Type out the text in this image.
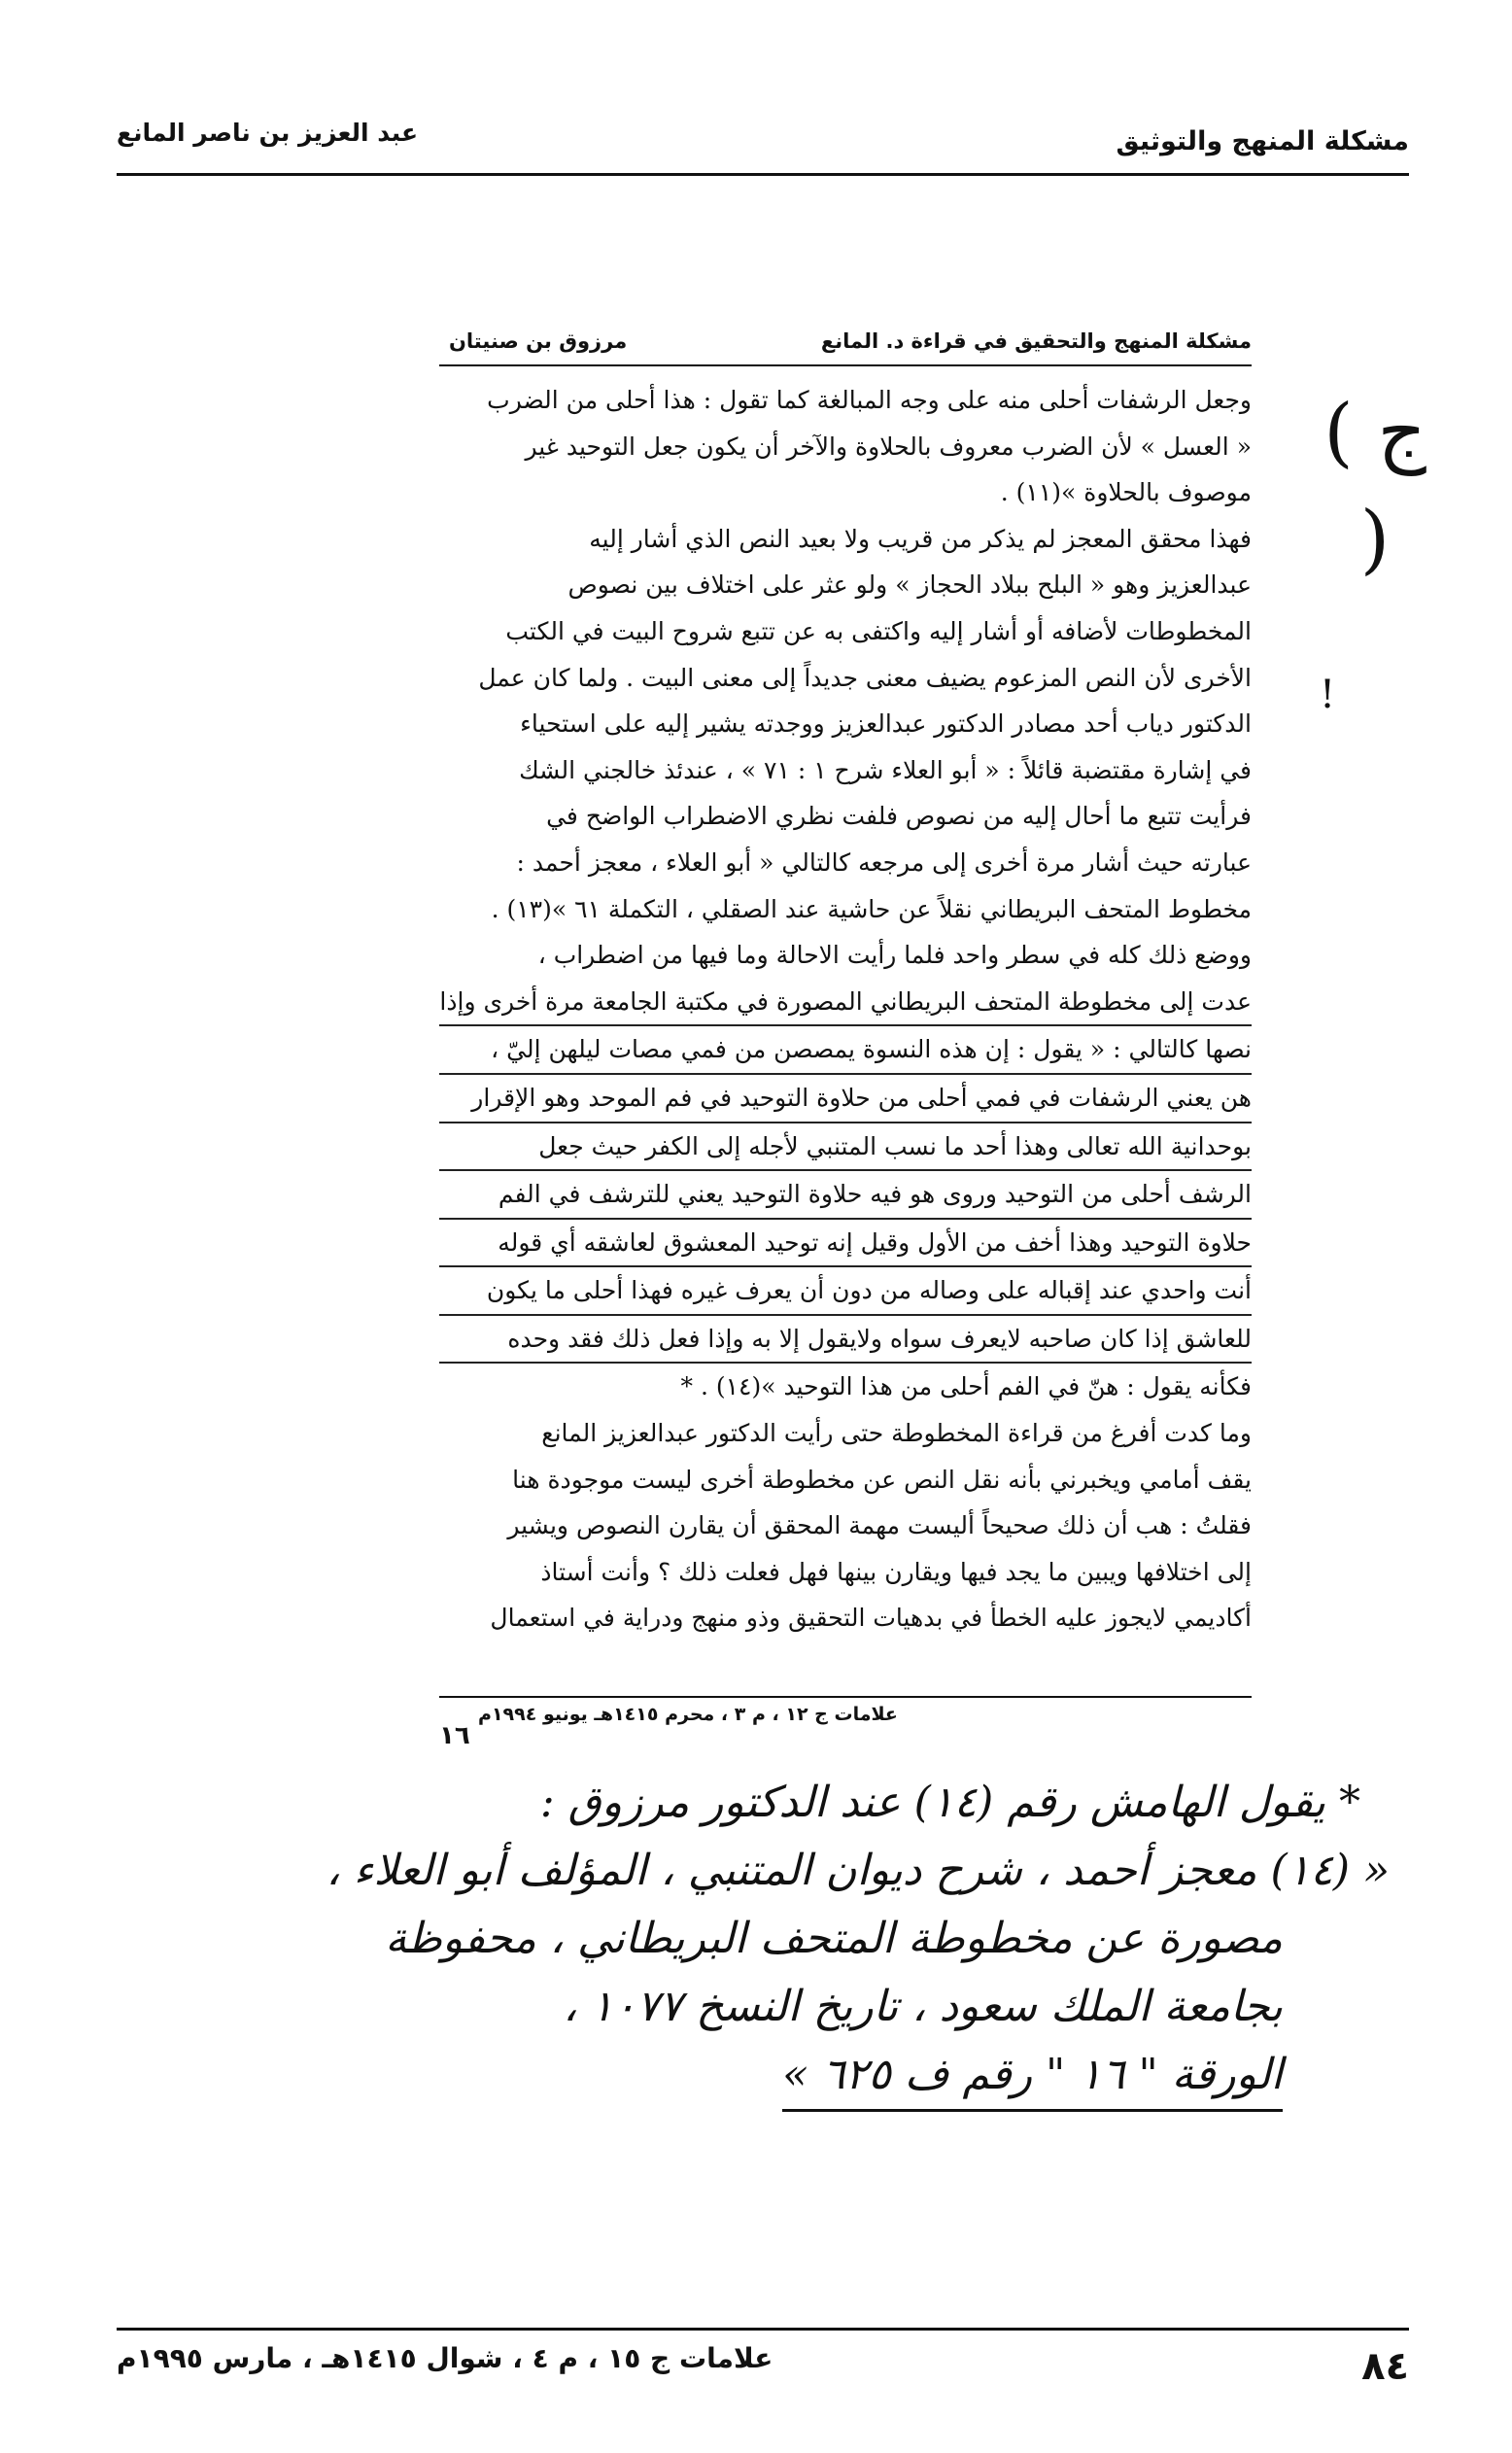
مشكلة المنهج والتوثيق
عبد العزيز بن ناصر المانع
مشكلة المنهج والتحقيق في قراءة د. المانع
مرزوق بن صنيتان
( ج )
!
وجعل الرشفات أحلى منه على وجه المبالغة كما تقول : هذا أحلى من الضرب
« العسل » لأن الضرب معروف بالحلاوة والآخر أن يكون جعل التوحيد غير
موصوف بالحلاوة »(١١) .
فهذا محقق المعجز لم يذكر من قريب ولا بعيد النص الذي أشار إليه
عبدالعزيز وهو « البلح ببلاد الحجاز » ولو عثر على اختلاف بين نصوص
المخطوطات لأضافه أو أشار إليه واكتفى به عن تتبع شروح البيت في الكتب
الأخرى لأن النص المزعوم يضيف معنى جديداً إلى معنى البيت . ولما كان عمل
الدكتور دياب أحد مصادر الدكتور عبدالعزيز ووجدته يشير إليه على استحياء
في إشارة مقتضبة قائلاً : « أبو العلاء شرح ١ : ٧١ » ، عندئذ خالجني الشك
فرأيت تتبع ما أحال إليه من نصوص فلفت نظري الاضطراب الواضح في
عبارته حيث أشار مرة أخرى إلى مرجعه كالتالي « أبو العلاء ، معجز أحمد :
مخطوط المتحف البريطاني نقلاً عن حاشية عند الصقلي ، التكملة ٦١ »(١٣) .
ووضع ذلك كله في سطر واحد فلما رأيت الاحالة وما فيها من اضطراب ،
عدت إلى مخطوطة المتحف البريطاني المصورة في مكتبة الجامعة مرة أخرى وإذا
نصها كالتالي : « يقول : إن هذه النسوة يمصصن من فمي مصات ليلهن إليّ ،
هن يعني الرشفات في فمي أحلى من حلاوة التوحيد في فم الموحد وهو الإقرار
بوحدانية الله تعالى وهذا أحد ما نسب المتنبي لأجله إلى الكفر حيث جعل
الرشف أحلى من التوحيد وروى هو فيه حلاوة التوحيد يعني للترشف في الفم
حلاوة التوحيد وهذا أخف من الأول وقيل إنه توحيد المعشوق لعاشقه أي قوله
أنت واحدي عند إقباله على وصاله من دون أن يعرف غيره فهذا أحلى ما يكون
للعاشق إذا كان صاحبه لايعرف سواه ولايقول إلا به وإذا فعل ذلك فقد وحده
فكأنه يقول : هنّ في الفم أحلى من هذا التوحيد »(١٤) . *
وما كدت أفرغ من قراءة المخطوطة حتى رأيت الدكتور عبدالعزيز المانع
يقف أمامي ويخبرني بأنه نقل النص عن مخطوطة أخرى ليست موجودة هنا
فقلتُ : هب أن ذلك صحيحاً أليست مهمة المحقق أن يقارن النصوص ويشير
إلى اختلافها ويبين ما يجد فيها ويقارن بينها فهل فعلت ذلك ؟ وأنت أستاذ
أكاديمي لايجوز عليه الخطأ في بدهيات التحقيق وذو منهج ودراية في استعمال
علامات ج ١٢ ، م ٣ ، محرم ١٤١٥هـ يونيو ١٩٩٤م
١٦
* يقول الهامش رقم (١٤) عند الدكتور مرزوق :
« (١٤) معجز أحمد ، شرح ديوان المتنبي ، المؤلف أبو العلاء ،
مصورة عن مخطوطة المتحف البريطاني ، محفوظة
بجامعة الملك سعود ، تاريخ النسخ ١٠٧٧ ،
الورقة " ١٦ " رقم ف ٦٢٥ »
٨٤
علامات ج ١٥ ، م ٤ ، شوال ١٤١٥هـ ، مارس ١٩٩٥م
